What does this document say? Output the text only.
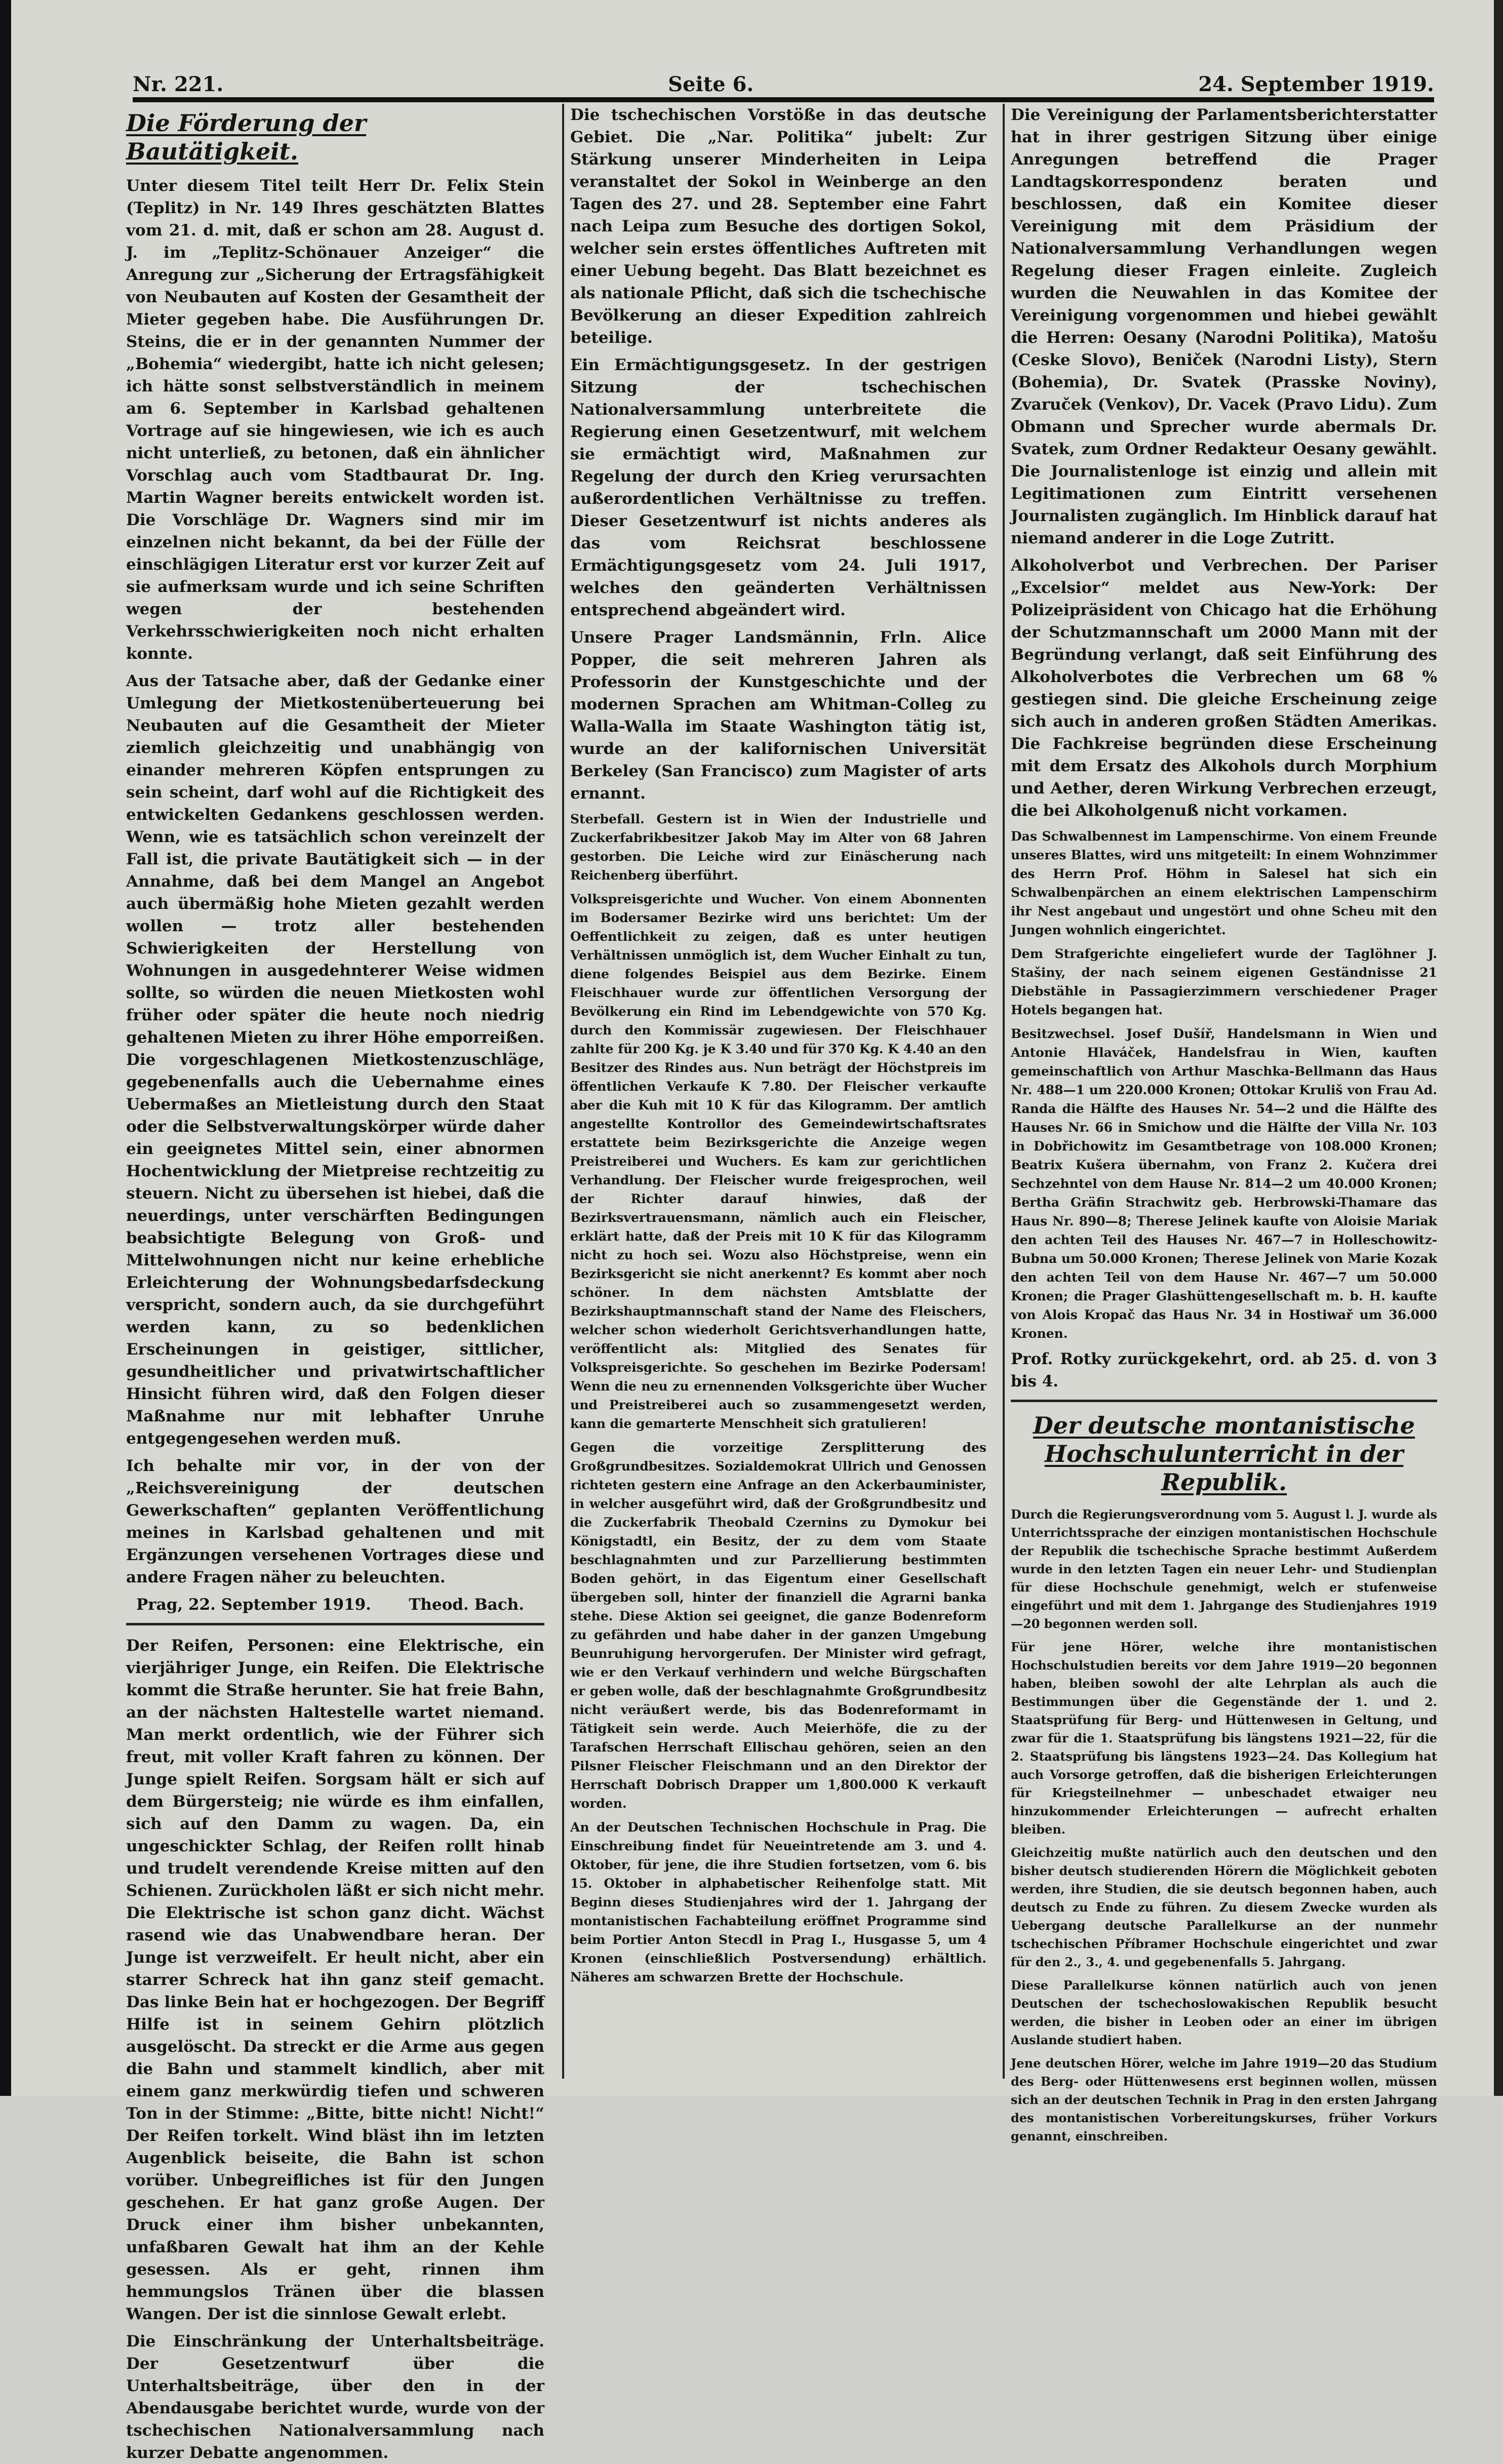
Nr. 221.	Seite 6.	24. September 1919.
Die Förderung der Bautätigkeit.

Unter diesem Titel teilt Herr Dr. Felix Stein (Teplitz) in Nr. 149 Ihres geschätzten Blattes vom 21. d. mit, daß er schon am 28. August d. J. im „Teplitz-Schönauer Anzeiger“ die Anregung zur „Sicherung der Ertragsfähigkeit von Neubauten auf Kosten der Gesamtheit der Mieter gegeben habe. Die Ausführungen Dr. Steins, die er in der genannten Nummer der „Bohemia“ wiedergibt, hatte ich nicht gelesen; ich hätte sonst selbstverständlich in meinem am 6. September in Karlsbad gehaltenen Vortrage auf sie hingewiesen, wie ich es auch nicht unterließ, zu betonen, daß ein ähnlicher Vorschlag auch vom Stadtbaurat Dr. Ing. Martin Wagner bereits entwickelt worden ist. Die Vorschläge Dr. Wagners sind mir im einzelnen nicht bekannt, da bei der Fülle der einschlägigen Literatur erst vor kurzer Zeit auf sie aufmerksam wurde und ich seine Schriften wegen der bestehenden Verkehrsschwierigkeiten noch nicht erhalten konnte.

Aus der Tatsache aber, daß der Gedanke einer Umlegung der Mietkostenüberteuerung bei Neubauten auf die Gesamtheit der Mieter ziemlich gleichzeitig und unabhängig von einander mehreren Köpfen entsprungen zu sein scheint, darf wohl auf die Richtigkeit des entwickelten Gedankens geschlossen werden. Wenn, wie es tatsächlich schon vereinzelt der Fall ist, die private Bautätigkeit sich — in der Annahme, daß bei dem Mangel an Angebot auch übermäßig hohe Mieten gezahlt werden wollen — trotz aller bestehenden Schwierigkeiten der Herstellung von Wohnungen in ausgedehnterer Weise widmen sollte, so würden die neuen Mietkosten wohl früher oder später die heute noch niedrig gehaltenen Mieten zu ihrer Höhe emporreißen. Die vorgeschlagenen Mietkostenzuschläge, gegebenenfalls auch die Uebernahme eines Uebermaßes an Mietleistung durch den Staat oder die Selbstverwaltungskörper würde daher ein geeignetes Mittel sein, einer abnormen Hochentwicklung der Mietpreise rechtzeitig zu steuern. Nicht zu übersehen ist hiebei, daß die neuerdings, unter verschärften Bedingungen beabsichtigte Belegung von Groß- und Mittelwohnungen nicht nur keine erhebliche Erleichterung der Wohnungsbedarfsdeckung verspricht, sondern auch, da sie durchgeführt werden kann, zu so bedenklichen Erscheinungen in geistiger, sittlicher, gesundheitlicher und privatwirtschaftlicher Hinsicht führen wird, daß den Folgen dieser Maßnahme nur mit lebhafter Unruhe entgegengesehen werden muß.

Ich behalte mir vor, in der von der „Reichsvereinigung der deutschen Gewerkschaften“ geplanten Veröffentlichung meines in Karlsbad gehaltenen und mit Ergänzungen versehenen Vortrages diese und andere Fragen näher zu beleuchten.

Prag, 22. September 1919. Theod. Bach.

Der Reifen, Personen: eine Elektrische, ein vierjähriger Junge, ein Reifen. Die Elektrische kommt die Straße herunter. Sie hat freie Bahn, an der nächsten Haltestelle wartet niemand. Man merkt ordentlich, wie der Führer sich freut, mit voller Kraft fahren zu können. Der Junge spielt Reifen. Sorgsam hält er sich auf dem Bürgersteig; nie würde es ihm einfallen, sich auf den Damm zu wagen. Da, ein ungeschickter Schlag, der Reifen rollt hinab und trudelt verendende Kreise mitten auf den Schienen. Zurückholen läßt er sich nicht mehr. Die Elektrische ist schon ganz dicht. Wächst rasend wie das Unabwendbare heran. Der Junge ist verzweifelt. Er heult nicht, aber ein starrer Schreck hat ihn ganz steif gemacht. Das linke Bein hat er hochgezogen. Der Begriff Hilfe ist in seinem Gehirn plötzlich ausgelöscht. Da streckt er die Arme aus gegen die Bahn und stammelt kindlich, aber mit einem ganz merkwürdig tiefen und schweren Ton in der Stimme: „Bitte, bitte nicht! Nicht!“ Der Reifen torkelt. Wind bläst ihn im letzten Augenblick beiseite, die Bahn ist schon vorüber. Unbegreifliches ist für den Jungen geschehen. Er hat ganz große Augen. Der Druck einer ihm bisher unbekannten, unfaßbaren Gewalt hat ihm an der Kehle gesessen. Als er geht, rinnen ihm hemmungslos Tränen über die blassen Wangen. Der ist die sinnlose Gewalt erlebt.

Die Einschränkung der Unterhaltsbeiträge. Der Gesetzentwurf über die Unterhaltsbeiträge, über den in der Abendausgabe berichtet wurde, wurde von der tschechischen Nationalversammlung nach kurzer Debatte angenommen.

Die tschechischen Vorstöße in das deutsche Gebiet. Die „Nar. Politika“ jubelt: Zur Stärkung unserer Minderheiten in Leipa veranstaltet der Sokol in Weinberge an den Tagen des 27. und 28. September eine Fahrt nach Leipa zum Besuche des dortigen Sokol, welcher sein erstes öffentliches Auftreten mit einer Uebung begeht. Das Blatt bezeichnet es als nationale Pflicht, daß sich die tschechische Bevölkerung an dieser Expedition zahlreich beteilige.

Ein Ermächtigungsgesetz. In der gestrigen Sitzung der tschechischen Nationalversammlung unterbreitete die Regierung einen Gesetzentwurf, mit welchem sie ermächtigt wird, Maßnahmen zur Regelung der durch den Krieg verursachten außerordentlichen Verhältnisse zu treffen. Dieser Gesetzentwurf ist nichts anderes als das vom Reichsrat beschlossene Ermächtigungsgesetz vom 24. Juli 1917, welches den geänderten Verhältnissen entsprechend abgeändert wird.

Unsere Prager Landsmännin, Frln. Alice Popper, die seit mehreren Jahren als Professorin der Kunstgeschichte und der modernen Sprachen am Whitman-Colleg zu Walla-Walla im Staate Washington tätig ist, wurde an der kalifornischen Universität Berkeley (San Francisco) zum Magister of arts ernannt.

Sterbefall. Gestern ist in Wien der Industrielle und Zuckerfabrikbesitzer Jakob May im Alter von 68 Jahren gestorben. Die Leiche wird zur Einäscherung nach Reichenberg überführt.

Volkspreisgerichte und Wucher. Von einem Abonnenten im Bodersamer Bezirke wird uns berichtet: Um der Oeffentlichkeit zu zeigen, daß es unter heutigen Verhältnissen unmöglich ist, dem Wucher Einhalt zu tun, diene folgendes Beispiel aus dem Bezirke. Einem Fleischhauer wurde zur öffentlichen Versorgung der Bevölkerung ein Rind im Lebendgewichte von 570 Kg. durch den Kommissär zugewiesen. Der Fleischhauer zahlte für 200 Kg. je K 3.40 und für 370 Kg. K 4.40 an den Besitzer des Rindes aus. Nun beträgt der Höchstpreis im öffentlichen Verkaufe K 7.80. Der Fleischer verkaufte aber die Kuh mit 10 K für das Kilogramm. Der amtlich angestellte Kontrollor des Gemeindewirtschaftsrates erstattete beim Bezirksgerichte die Anzeige wegen Preistreiberei und Wuchers. Es kam zur gerichtlichen Verhandlung. Der Fleischer wurde freigesprochen, weil der Richter darauf hinwies, daß der Bezirksvertrauensmann, nämlich auch ein Fleischer, erklärt hatte, daß der Preis mit 10 K für das Kilogramm nicht zu hoch sei. Wozu also Höchstpreise, wenn ein Bezirksgericht sie nicht anerkennt? Es kommt aber noch schöner. In dem nächsten Amtsblatte der Bezirkshauptmannschaft stand der Name des Fleischers, welcher schon wiederholt Gerichtsverhandlungen hatte, veröffentlicht als: Mitglied des Senates für Volkspreisgerichte. So geschehen im Bezirke Podersam! Wenn die neu zu ernennenden Volksgerichte über Wucher und Preistreiberei auch so zusammengesetzt werden, kann die gemarterte Menschheit sich gratulieren!

Gegen die vorzeitige Zersplitterung des Großgrundbesitzes. Sozialdemokrat Ullrich und Genossen richteten gestern eine Anfrage an den Ackerbauminister, in welcher ausgeführt wird, daß der Großgrundbesitz und die Zuckerfabrik Theobald Czernins zu Dymokur bei Königstadtl, ein Besitz, der zu dem vom Staate beschlagnahmten und zur Parzellierung bestimmten Boden gehört, in das Eigentum einer Gesellschaft übergeben soll, hinter der finanziell die Agrarni banka stehe. Diese Aktion sei geeignet, die ganze Bodenreform zu gefährden und habe daher in der ganzen Umgebung Beunruhigung hervorgerufen. Der Minister wird gefragt, wie er den Verkauf verhindern und welche Bürgschaften er geben wolle, daß der beschlagnahmte Großgrundbesitz nicht veräußert werde, bis das Bodenreformamt in Tätigkeit sein werde. Auch Meierhöfe, die zu der Tarafschen Herrschaft Ellischau gehören, seien an den Pilsner Fleischer Fleischmann und an den Direktor der Herrschaft Dobrisch Drapper um 1,800.000 K verkauft worden.

An der Deutschen Technischen Hochschule in Prag. Die Einschreibung findet für Neueintretende am 3. und 4. Oktober, für jene, die ihre Studien fortsetzen, vom 6. bis 15. Oktober in alphabetischer Reihenfolge statt. Mit Beginn dieses Studienjahres wird der 1. Jahrgang der montanistischen Fachabteilung eröffnet Programme sind beim Portier Anton Stecdl in Prag I., Husgasse 5, um 4 Kronen (einschließlich Postversendung) erhältlich. Näheres am schwarzen Brette der Hochschule.

Die Vereinigung der Parlamentsberichterstatter hat in ihrer gestrigen Sitzung über einige Anregungen betreffend die Prager Landtagskorrespondenz beraten und beschlossen, daß ein Komitee dieser Vereinigung mit dem Präsidium der Nationalversammlung Verhandlungen wegen Regelung dieser Fragen einleite. Zugleich wurden die Neuwahlen in das Komitee der Vereinigung vorgenommen und hiebei gewählt die Herren: Oesany (Narodni Politika), Matošu (Ceske Slovo), Beniček (Narodni Listy), Stern (Bohemia), Dr. Svatek (Prasske Noviny), Zvaruček (Venkov), Dr. Vacek (Pravo Lidu). Zum Obmann und Sprecher wurde abermals Dr. Svatek, zum Ordner Redakteur Oesany gewählt. Die Journalistenloge ist einzig und allein mit Legitimationen zum Eintritt versehenen Journalisten zugänglich. Im Hinblick darauf hat niemand anderer in die Loge Zutritt.

Alkoholverbot und Verbrechen. Der Pariser „Excelsior“ meldet aus New-York: Der Polizeipräsident von Chicago hat die Erhöhung der Schutzmannschaft um 2000 Mann mit der Begründung verlangt, daß seit Einführung des Alkoholverbotes die Verbrechen um 68 % gestiegen sind. Die gleiche Erscheinung zeige sich auch in anderen großen Städten Amerikas. Die Fachkreise begründen diese Erscheinung mit dem Ersatz des Alkohols durch Morphium und Aether, deren Wirkung Verbrechen erzeugt, die bei Alkoholgenuß nicht vorkamen.

Das Schwalbennest im Lampenschirme. Von einem Freunde unseres Blattes, wird uns mitgeteilt: In einem Wohnzimmer des Herrn Prof. Höhm in Salesel hat sich ein Schwalbenpärchen an einem elektrischen Lampenschirm ihr Nest angebaut und ungestört und ohne Scheu mit den Jungen wohnlich eingerichtet.

Dem Strafgerichte eingeliefert wurde der Taglöhner J. Stašiny, der nach seinem eigenen Geständnisse 21 Diebstähle in Passagierzimmern verschiedener Prager Hotels begangen hat.

Besitzwechsel. Josef Dušíř, Handelsmann in Wien und Antonie Hlaváček, Handelsfrau in Wien, kauften gemeinschaftlich von Arthur Maschka-Bellmann das Haus Nr. 488—1 um 220.000 Kronen; Ottokar Kruliš von Frau Ad. Randa die Hälfte des Hauses Nr. 54—2 und die Hälfte des Hauses Nr. 66 in Smichow und die Hälfte der Villa Nr. 103 in Dobřichowitz im Gesamtbetrage von 108.000 Kronen; Beatrix Kušera übernahm, von Franz 2. Kučera drei Sechzehntel von dem Hause Nr. 814—2 um 40.000 Kronen; Bertha Gräfin Strachwitz geb. Herbrowski-Thamare das Haus Nr. 890—8; Therese Jelinek kaufte von Aloisie Mariak den achten Teil des Hauses Nr. 467—7 in Holleschowitz-Bubna um 50.000 Kronen; Therese Jelinek von Marie Kozak den achten Teil von dem Hause Nr. 467—7 um 50.000 Kronen; die Prager Glashüttengesellschaft m. b. H. kaufte von Alois Kropač das Haus Nr. 34 in Hostiwař um 36.000 Kronen.

Prof. Rotky zurückgekehrt, ord. ab 25. d. von 3 bis 4.

Der deutsche montanistische Hochschulunterricht in der Republik.

Durch die Regierungsverordnung vom 5. August l. J. wurde als Unterrichtssprache der einzigen montanistischen Hochschule der Republik die tschechische Sprache bestimmt Außerdem wurde in den letzten Tagen ein neuer Lehr- und Studienplan für diese Hochschule genehmigt, welch er stufenweise eingeführt und mit dem 1. Jahrgange des Studienjahres 1919—20 begonnen werden soll.

Für jene Hörer, welche ihre montanistischen Hochschulstudien bereits vor dem Jahre 1919—20 begonnen haben, bleiben sowohl der alte Lehrplan als auch die Bestimmungen über die Gegenstände der 1. und 2. Staatsprüfung für Berg- und Hüttenwesen in Geltung, und zwar für die 1. Staatsprüfung bis längstens 1921—22, für die 2. Staatsprüfung bis längstens 1923—24. Das Kollegium hat auch Vorsorge getroffen, daß die bisherigen Erleichterungen für Kriegsteilnehmer — unbeschadet etwaiger neu hinzukommender Erleichterungen — aufrecht erhalten bleiben.

Gleichzeitig mußte natürlich auch den deutschen und den bisher deutsch studierenden Hörern die Möglichkeit geboten werden, ihre Studien, die sie deutsch begonnen haben, auch deutsch zu Ende zu führen. Zu diesem Zwecke wurden als Uebergang deutsche Parallelkurse an der nunmehr tschechischen Příbramer Hochschule eingerichtet und zwar für den 2., 3., 4. und gegebenenfalls 5. Jahrgang.

Diese Parallelkurse können natürlich auch von jenen Deutschen der tschechoslowakischen Republik besucht werden, die bisher in Leoben oder an einer im übrigen Auslande studiert haben.

Jene deutschen Hörer, welche im Jahre 1919—20 das Studium des Berg- oder Hüttenwesens erst beginnen wollen, müssen sich an der deutschen Technik in Prag in den ersten Jahrgang des montanistischen Vorbereitungskurses, früher Vorkurs genannt, einschreiben.
